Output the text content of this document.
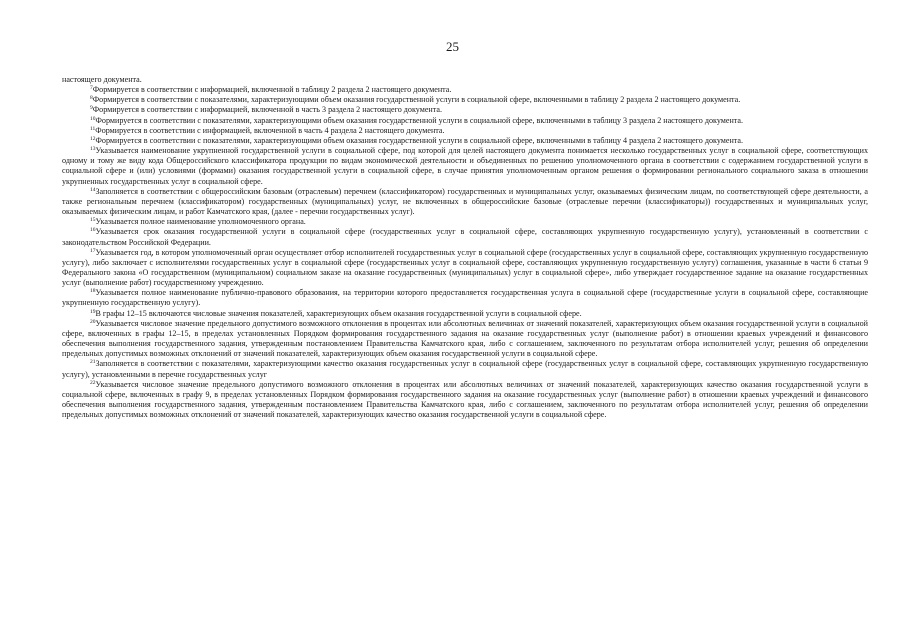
25

настоящего документа.

$^7$Формируется в соответствии с информацией, включенной в таблицу 2 раздела 2 настоящего документа.

$^8$Формируется в соответствии с показателями, характеризующими объем оказания государственной услуги в социальной сфере, включенными в таблицу 2 раздела 2 настоящего документа.

$^9$Формируется в соответствии с информацией, включенной в часть 3 раздела 2 настоящего документа.

$^{10}$Формируется в соответствии с показателями, характеризующими объем оказания государственной услуги в социальной сфере, включенными в таблицу 3 раздела 2 настоящего документа.

$^{11}$Формируется в соответствии с информацией, включенной в часть 4 раздела 2 настоящего документа.

$^{12}$Формируется в соответствии с показателями, характеризующими объем оказания государственной услуги в социальной сфере, включенными в таблицу 4 раздела 2 настоящего документа.

$^{13}$Указывается наименование укрупненной государственной услуги в социальной сфере, под которой для целей настоящего документа понимается несколько государственных услуг в социальной сфере, соответствующих одному и тому же виду кода Общероссийского классификатора продукции по видам экономической деятельности и объединенных по решению уполномоченного органа в соответствии с содержанием государственной услуги в социальной сфере и (или) условиями (формами) оказания государственной услуги в социальной сфере, в случае принятия уполномоченным органом решения о формировании регионального социального заказа в отношении укрупненных государственных услуг в социальной сфере.

$^{14}$Заполняется в соответствии с общероссийским базовым (отраслевым) перечнем (классификатором) государственных и муниципальных услуг, оказываемых физическим лицам, по соответствующей сфере деятельности, а также региональным перечнем (классификатором) государственных (муниципальных) услуг, не включенных в общероссийские базовые (отраслевые перечни (классификаторы)) государственных и муниципальных услуг, оказываемых физическим лицам, и работ Камчатского края, (далее - перечни государственных услуг).

$^{15}$Указывается полное наименование уполномоченного органа.

$^{16}$Указывается срок оказания государственной услуги в социальной сфере (государственных услуг в социальной сфере, составляющих укрупненную государственную услугу), установленный в соответствии с законодательством Российской Федерации.

$^{17}$Указывается год, в котором уполномоченный орган осуществляет отбор исполнителей государственных услуг в социальной сфере (государственных услуг в социальной сфере, составляющих укрупненную государственную услугу), либо заключает с исполнителями государственных услуг в социальной сфере (государственных услуг в социальной сфере, составляющих укрупненную государственную услугу) соглашения, указанные в части 6 статьи 9 Федерального закона «О государственном (муниципальном) социальном заказе на оказание государственных (муниципальных) услуг в социальной сфере», либо утверждает государственное задание на оказание государственных услуг (выполнение работ) государственному учреждению.

$^{18}$Указывается полное наименование публично-правового образования, на территории которого предоставляется государственная услуга в социальной сфере (государственные услуги в социальной сфере, составляющие укрупненную государственную услугу).

$^{19}$В графы 12–15 включаются числовые значения показателей, характеризующих объем оказания государственной услуги в социальной сфере.

$^{20}$Указывается числовое значение предельного допустимого возможного отклонения в процентах или абсолютных величинах от значений показателей, характеризующих объем оказания государственной услуги в социальной сфере, включенных в графы 12–15, в пределах установленных Порядком формирования государственного задания на оказание государственных услуг (выполнение работ) в отношении краевых учреждений и финансового обеспечения выполнения государственного задания, утвержденным постановлением Правительства Камчатского края, либо с соглашением, заключенного по результатам отбора исполнителей услуг, решения об определении предельных допустимых возможных отклонений от значений показателей, характеризующих объем оказания государственной услуги в социальной сфере.

$^{21}$Заполняется в соответствии с показателями, характеризующими качество оказания государственных услуг в социальной сфере (государственных услуг в социальной сфере, составляющих укрупненную государственную услугу), установленными в перечне государственных услуг

$^{22}$Указывается числовое значение предельного допустимого возможного отклонения в процентах или абсолютных величинах от значений показателей, характеризующих качество оказания государственной услуги в социальной сфере, включенных в графу 9, в пределах установленных Порядком формирования государственного задания на оказание государственных услуг (выполнение работ) в отношении краевых учреждений и финансового обеспечения выполнения государственного задания, утвержденным постановлением Правительства Камчатского края, либо с соглашением, заключенного по результатам отбора исполнителей услуг, решения об определении предельных допустимых возможных отклонений от значений показателей, характеризующих качество оказания государственной услуги в социальной сфере.
